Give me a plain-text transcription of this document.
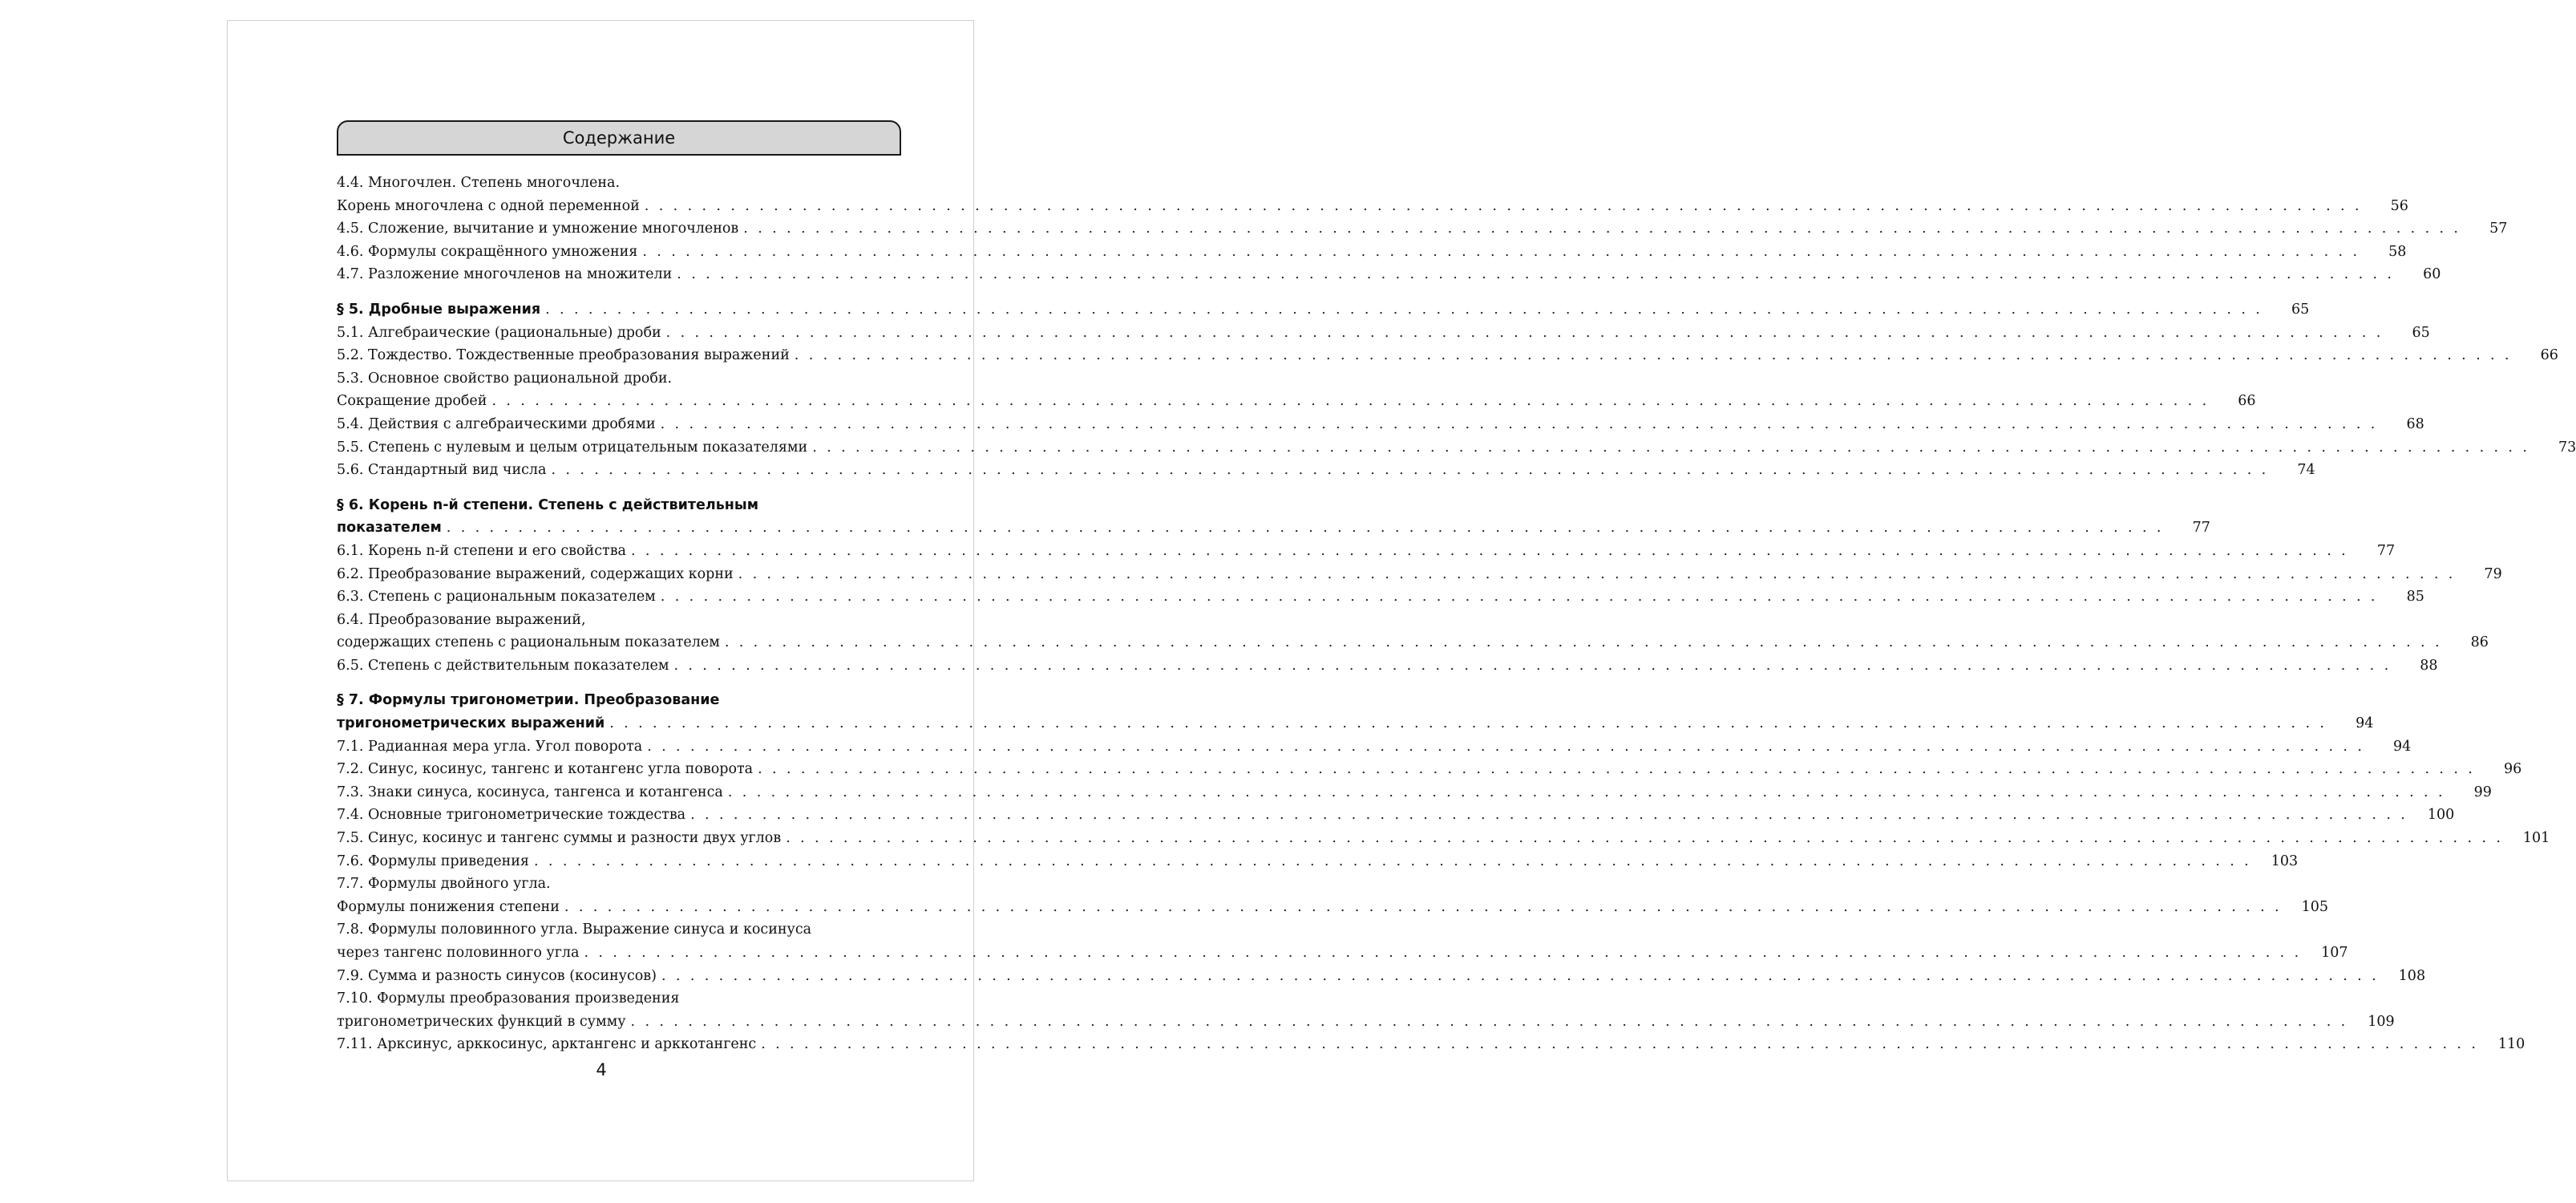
Содержание
4.4. Многочлен. Степень многочлена.
Корень многочлена с одной переменной . . . . . . . . . . . . . . . . . . . . . . . . . . . . . . . . . . . . . . . . . . . . . . . . . . . . . . . . . . . . . . . . . . . . . . . . . . . . . . . . . . . . . . . . . . . . . . . . . . . . . . . . . . . . . . . . . . . . . . . .	56
4.5. Сложение, вычитание и умножение многочленов . . . . . . . . . . . . . . . . . . . . . . . . . . . . . . . . . . . . . . . . . . . . . . . . . . . . . . . . . . . . . . . . . . . . . . . . . . . . . . . . . . . . . . . . . . . . . . . . . . . . . . . . . . . . . . . . . . . . . . . .	57
4.6. Формулы сокращённого умножения . . . . . . . . . . . . . . . . . . . . . . . . . . . . . . . . . . . . . . . . . . . . . . . . . . . . . . . . . . . . . . . . . . . . . . . . . . . . . . . . . . . . . . . . . . . . . . . . . . . . . . . . . . . . . . . . . . . . . . . .	58
4.7. Разложение многочленов на множители . . . . . . . . . . . . . . . . . . . . . . . . . . . . . . . . . . . . . . . . . . . . . . . . . . . . . . . . . . . . . . . . . . . . . . . . . . . . . . . . . . . . . . . . . . . . . . . . . . . . . . . . . . . . . . . . . . . . . . . .	60
§ 5. Дробные выражения . . . . . . . . . . . . . . . . . . . . . . . . . . . . . . . . . . . . . . . . . . . . . . . . . . . . . . . . . . . . . . . . . . . . . . . . . . . . . . . . . . . . . . . . . . . . . . . . . . . . . . . . . . . . . . . . . . . . . . . .	65
5.1. Алгебраические (рациональные) дроби . . . . . . . . . . . . . . . . . . . . . . . . . . . . . . . . . . . . . . . . . . . . . . . . . . . . . . . . . . . . . . . . . . . . . . . . . . . . . . . . . . . . . . . . . . . . . . . . . . . . . . . . . . . . . . . . . . . . . . . .	65
5.2. Тождество. Тождественные преобразования выражений . . . . . . . . . . . . . . . . . . . . . . . . . . . . . . . . . . . . . . . . . . . . . . . . . . . . . . . . . . . . . . . . . . . . . . . . . . . . . . . . . . . . . . . . . . . . . . . . . . . . . . . . . . . . . . . . . . . . . . . .	66
5.3. Основное свойство рациональной дроби.
Сокращение дробей . . . . . . . . . . . . . . . . . . . . . . . . . . . . . . . . . . . . . . . . . . . . . . . . . . . . . . . . . . . . . . . . . . . . . . . . . . . . . . . . . . . . . . . . . . . . . . . . . . . . . . . . . . . . . . . . . . . . . . . .	66
5.4. Действия с алгебраическими дробями . . . . . . . . . . . . . . . . . . . . . . . . . . . . . . . . . . . . . . . . . . . . . . . . . . . . . . . . . . . . . . . . . . . . . . . . . . . . . . . . . . . . . . . . . . . . . . . . . . . . . . . . . . . . . . . . . . . . . . . .	68
5.5. Степень с нулевым и целым отрицательным показателями . . . . . . . . . . . . . . . . . . . . . . . . . . . . . . . . . . . . . . . . . . . . . . . . . . . . . . . . . . . . . . . . . . . . . . . . . . . . . . . . . . . . . . . . . . . . . . . . . . . . . . . . . . . . . . . . . . . . . . . .	73
5.6. Стандартный вид числа . . . . . . . . . . . . . . . . . . . . . . . . . . . . . . . . . . . . . . . . . . . . . . . . . . . . . . . . . . . . . . . . . . . . . . . . . . . . . . . . . . . . . . . . . . . . . . . . . . . . . . . . . . . . . . . . . . . . . . . .	74
§ 6. Корень n-й степени. Степень с действительным
показателем . . . . . . . . . . . . . . . . . . . . . . . . . . . . . . . . . . . . . . . . . . . . . . . . . . . . . . . . . . . . . . . . . . . . . . . . . . . . . . . . . . . . . . . . . . . . . . . . . . . . . . . . . . . . . . . . . . . . . . . .	77
6.1. Корень n-й степени и его свойства . . . . . . . . . . . . . . . . . . . . . . . . . . . . . . . . . . . . . . . . . . . . . . . . . . . . . . . . . . . . . . . . . . . . . . . . . . . . . . . . . . . . . . . . . . . . . . . . . . . . . . . . . . . . . . . . . . . . . . . .	77
6.2. Преобразование выражений, содержащих корни . . . . . . . . . . . . . . . . . . . . . . . . . . . . . . . . . . . . . . . . . . . . . . . . . . . . . . . . . . . . . . . . . . . . . . . . . . . . . . . . . . . . . . . . . . . . . . . . . . . . . . . . . . . . . . . . . . . . . . . .	79
6.3. Степень с рациональным показателем . . . . . . . . . . . . . . . . . . . . . . . . . . . . . . . . . . . . . . . . . . . . . . . . . . . . . . . . . . . . . . . . . . . . . . . . . . . . . . . . . . . . . . . . . . . . . . . . . . . . . . . . . . . . . . . . . . . . . . . .	85
6.4. Преобразование выражений,
содержащих степень с рациональным показателем . . . . . . . . . . . . . . . . . . . . . . . . . . . . . . . . . . . . . . . . . . . . . . . . . . . . . . . . . . . . . . . . . . . . . . . . . . . . . . . . . . . . . . . . . . . . . . . . . . . . . . . . . . . . . . . . . . . . . . . .	86
6.5. Степень с действительным показателем . . . . . . . . . . . . . . . . . . . . . . . . . . . . . . . . . . . . . . . . . . . . . . . . . . . . . . . . . . . . . . . . . . . . . . . . . . . . . . . . . . . . . . . . . . . . . . . . . . . . . . . . . . . . . . . . . . . . . . . .	88
§ 7. Формулы тригонометрии. Преобразование
тригонометрических выражений . . . . . . . . . . . . . . . . . . . . . . . . . . . . . . . . . . . . . . . . . . . . . . . . . . . . . . . . . . . . . . . . . . . . . . . . . . . . . . . . . . . . . . . . . . . . . . . . . . . . . . . . . . . . . . . . . . . . . . . .	94
7.1. Радианная мера угла. Угол поворота . . . . . . . . . . . . . . . . . . . . . . . . . . . . . . . . . . . . . . . . . . . . . . . . . . . . . . . . . . . . . . . . . . . . . . . . . . . . . . . . . . . . . . . . . . . . . . . . . . . . . . . . . . . . . . . . . . . . . . . .	94
7.2. Синус, косинус, тангенс и котангенс угла поворота . . . . . . . . . . . . . . . . . . . . . . . . . . . . . . . . . . . . . . . . . . . . . . . . . . . . . . . . . . . . . . . . . . . . . . . . . . . . . . . . . . . . . . . . . . . . . . . . . . . . . . . . . . . . . . . . . . . . . . . .	96
7.3. Знаки синуса, косинуса, тангенса и котангенса . . . . . . . . . . . . . . . . . . . . . . . . . . . . . . . . . . . . . . . . . . . . . . . . . . . . . . . . . . . . . . . . . . . . . . . . . . . . . . . . . . . . . . . . . . . . . . . . . . . . . . . . . . . . . . . . . . . . . . . .	99
7.4. Основные тригонометрические тождества . . . . . . . . . . . . . . . . . . . . . . . . . . . . . . . . . . . . . . . . . . . . . . . . . . . . . . . . . . . . . . . . . . . . . . . . . . . . . . . . . . . . . . . . . . . . . . . . . . . . . . . . . . . . . . . . . . . . . . . .	100
7.5. Синус, косинус и тангенс суммы и разности двух углов . . . . . . . . . . . . . . . . . . . . . . . . . . . . . . . . . . . . . . . . . . . . . . . . . . . . . . . . . . . . . . . . . . . . . . . . . . . . . . . . . . . . . . . . . . . . . . . . . . . . . . . . . . . . . . . . . . . . . . . .	101
7.6. Формулы приведения . . . . . . . . . . . . . . . . . . . . . . . . . . . . . . . . . . . . . . . . . . . . . . . . . . . . . . . . . . . . . . . . . . . . . . . . . . . . . . . . . . . . . . . . . . . . . . . . . . . . . . . . . . . . . . . . . . . . . . . .	103
7.7. Формулы двойного угла.
Формулы понижения степени . . . . . . . . . . . . . . . . . . . . . . . . . . . . . . . . . . . . . . . . . . . . . . . . . . . . . . . . . . . . . . . . . . . . . . . . . . . . . . . . . . . . . . . . . . . . . . . . . . . . . . . . . . . . . . . . . . . . . . . .	105
7.8. Формулы половинного угла. Выражение синуса и косинуса
через тангенс половинного угла . . . . . . . . . . . . . . . . . . . . . . . . . . . . . . . . . . . . . . . . . . . . . . . . . . . . . . . . . . . . . . . . . . . . . . . . . . . . . . . . . . . . . . . . . . . . . . . . . . . . . . . . . . . . . . . . . . . . . . . .	107
7.9. Сумма и разность синусов (косинусов) . . . . . . . . . . . . . . . . . . . . . . . . . . . . . . . . . . . . . . . . . . . . . . . . . . . . . . . . . . . . . . . . . . . . . . . . . . . . . . . . . . . . . . . . . . . . . . . . . . . . . . . . . . . . . . . . . . . . . . . .	108
7.10. Формулы преобразования произведения
тригонометрических функций в сумму . . . . . . . . . . . . . . . . . . . . . . . . . . . . . . . . . . . . . . . . . . . . . . . . . . . . . . . . . . . . . . . . . . . . . . . . . . . . . . . . . . . . . . . . . . . . . . . . . . . . . . . . . . . . . . . . . . . . . . . .	109
7.11. Арксинус, арккосинус, арктангенс и арккотангенс . . . . . . . . . . . . . . . . . . . . . . . . . . . . . . . . . . . . . . . . . . . . . . . . . . . . . . . . . . . . . . . . . . . . . . . . . . . . . . . . . . . . . . . . . . . . . . . . . . . . . . . . . . . . . . . . . . . . . . . .	110
4
